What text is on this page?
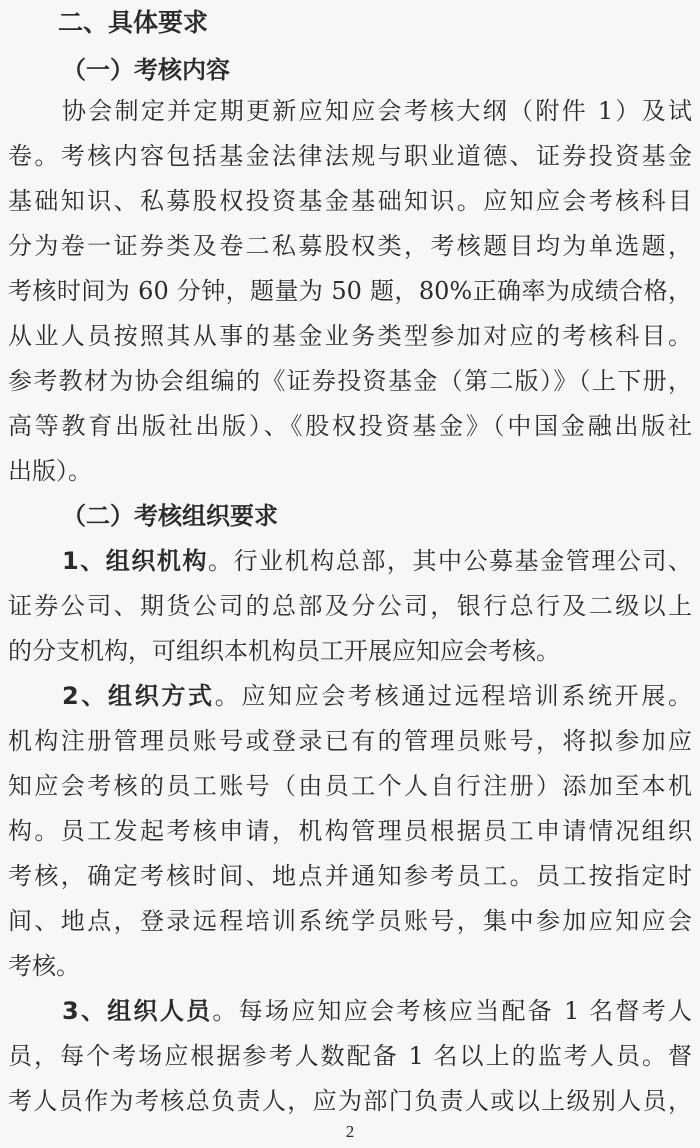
二、具体要求
（一）考核内容
协会制定并定期更新应知应会考核大纲（附件 1）及试
卷。考核内容包括基金法律法规与职业道德、证券投资基金
基础知识、私募股权投资基金基础知识。应知应会考核科目
分为卷一证券类及卷二私募股权类，考核题目均为单选题，
考核时间为 60 分钟，题量为 50 题，80%正确率为成绩合格，
从业人员按照其从事的基金业务类型参加对应的考核科目。
参考教材为协会组编的《证券投资基金（第二版）》（上下册，
高等教育出版社出版）、《股权投资基金》（中国金融出版社
出版）。
（二）考核组织要求
1、组织机构。行业机构总部，其中公募基金管理公司、
证券公司、期货公司的总部及分公司，银行总行及二级以上
的分支机构，可组织本机构员工开展应知应会考核。
2、组织方式。应知应会考核通过远程培训系统开展。
机构注册管理员账号或登录已有的管理员账号，将拟参加应
知应会考核的员工账号（由员工个人自行注册）添加至本机
构。员工发起考核申请，机构管理员根据员工申请情况组织
考核，确定考核时间、地点并通知参考员工。员工按指定时
间、地点，登录远程培训系统学员账号，集中参加应知应会
考核。
3、组织人员。每场应知应会考核应当配备 1 名督考人
员，每个考场应根据参考人数配备 1 名以上的监考人员。督
考人员作为考核总负责人，应为部门负责人或以上级别人员，
2
